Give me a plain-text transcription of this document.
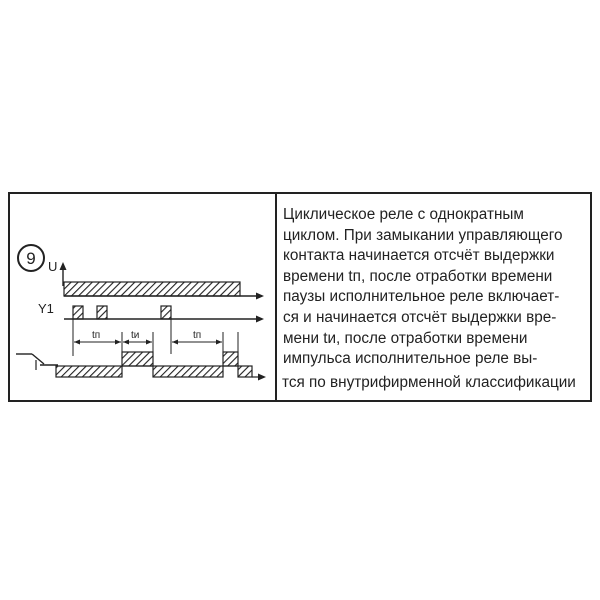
9 U
Y1
tп	tи	tп
Циклическое реле с однократным
циклом. При замыкании управляющего
контакта начинается отсчёт выдержки
времени tп, после отработки времени
паузы исполнительное реле включает-
ся и начинается отсчёт выдержки вре-
мени tи, после отработки времени
импульса исполнительное реле вы-
тся по внутрифирменной классификации
